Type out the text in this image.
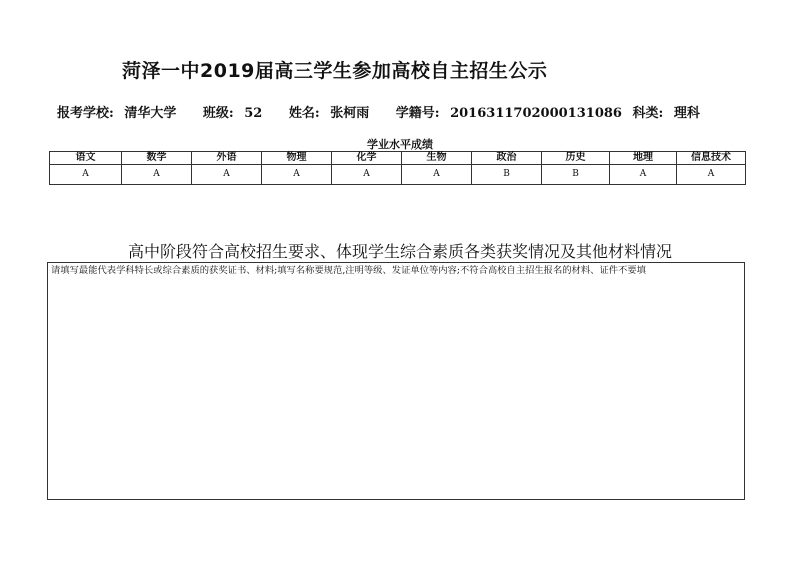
菏泽一中2019届高三学生参加高校自主招生公示
报考学校: 清华大学 班级: 52 姓名: 张柯雨 学籍号: 201631170200013108​6 科类: 理科
学业水平成绩
语文	数学	外语	物理	化学	生物	政治	历史	地理	信息技术
A	A	A	A	A	A	B	B	A	A
高中阶段符合高校招生要求、体现学生综合素质各类获奖情况及其他材料情况
请填写最能代表学科特长或综合素质的获奖证书、材料;填写名称要规范,注明等级、发证单位等内容;不符合高校自主招生报名的材料、证件不要填
